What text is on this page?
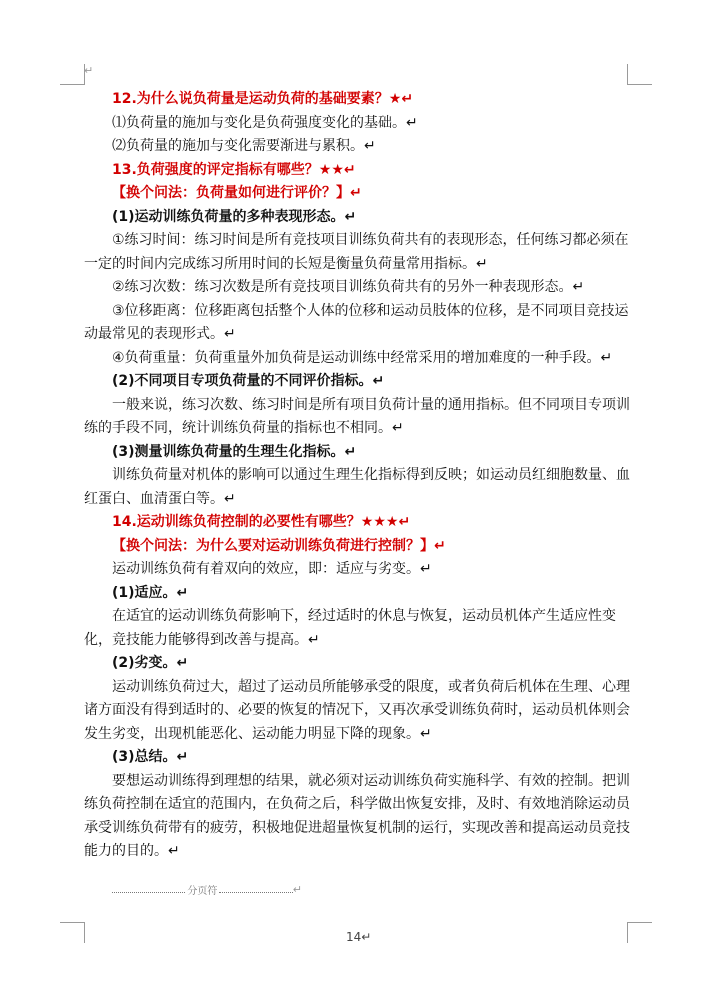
↵

12.为什么说负荷量是运动负荷的基础要素？★↵

⑴负荷量的施加与变化是负荷强度变化的基础。↵

⑵负荷量的施加与变化需要渐进与累积。↵

13.负荷强度的评定指标有哪些？★★↵

【换个问法：负荷量如何进行评价？】↵

(1)运动训练负荷量的多种表现形态。↵

①练习时间：练习时间是所有竞技项目训练负荷共有的表现形态，任何练习都必须在一定的时间内完成练习所用时间的长短是衡量负荷量常用指标。↵

②练习次数：练习次数是所有竞技项目训练负荷共有的另外一种表现形态。↵

③位移距离：位移距离包括整个人体的位移和运动员肢体的位移，是不同项目竞技运动最常见的表现形式。↵

④负荷重量：负荷重量外加负荷是运动训练中经常采用的增加难度的一种手段。↵

(2)不同项目专项负荷量的不同评价指标。↵

一般来说，练习次数、练习时间是所有项目负荷计量的通用指标。但不同项目专项训练的手段不同，统计训练负荷量的指标也不相同。↵

(3)测量训练负荷量的生理生化指标。↵

训练负荷量对机体的影响可以通过生理生化指标得到反映；如运动员红细胞数量、血红蛋白、血清蛋白等。↵

14.运动训练负荷控制的必要性有哪些？★★★↵

【换个问法：为什么要对运动训练负荷进行控制？】↵

运动训练负荷有着双向的效应，即：适应与劣变。↵

(1)适应。↵

在适宜的运动训练负荷影响下，经过适时的休息与恢复，运动员机体产生适应性变化，竞技能力能够得到改善与提高。↵

(2)劣变。↵

运动训练负荷过大，超过了运动员所能够承受的限度，或者负荷后机体在生理、心理诸方面没有得到适时的、必要的恢复的情况下，又再次承受训练负荷时，运动员机体则会发生劣变，出现机能恶化、运动能力明显下降的现象。↵

(3)总结。↵

要想运动训练得到理想的结果，就必须对运动训练负荷实施科学、有效的控制。把训练负荷控制在适宜的范围内，在负荷之后，科学做出恢复安排，及时、有效地消除运动员承受训练负荷带有的疲劳，积极地促进超量恢复机制的运行，实现改善和提高运动员竞技能力的目的。↵

分页符	↵
14↵
